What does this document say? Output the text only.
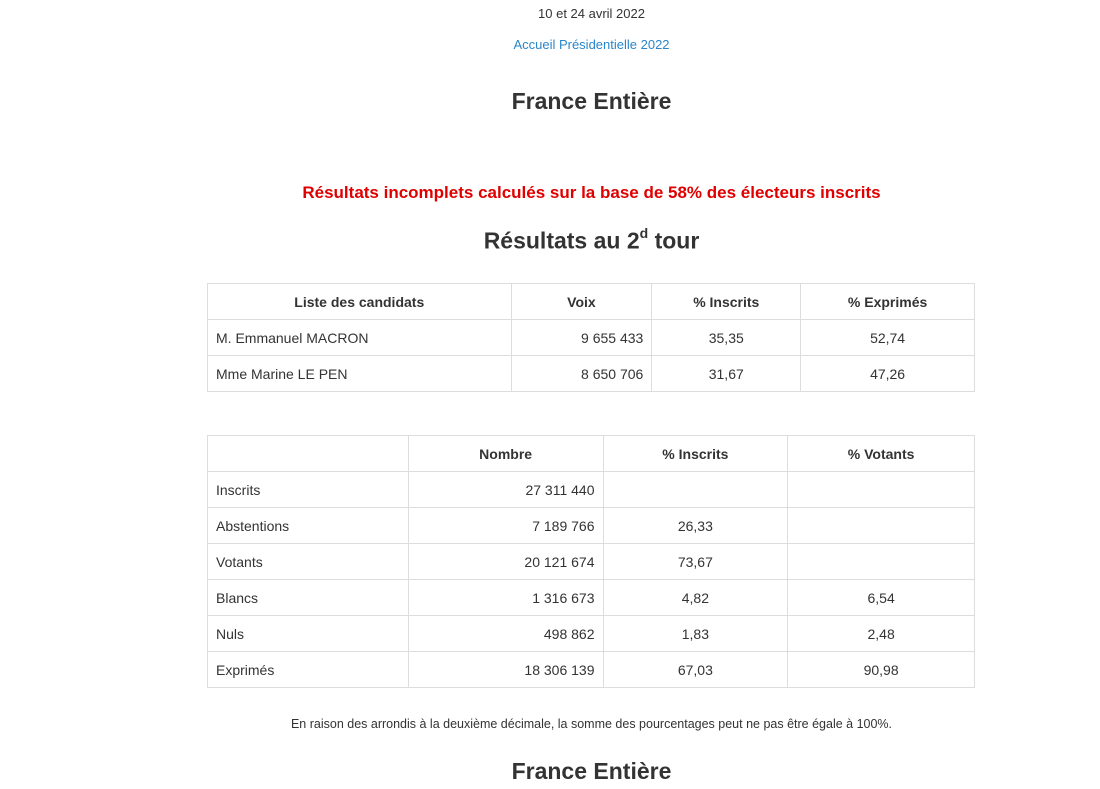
10 et 24 avril 2022
Accueil Présidentielle 2022
France Entière
Résultats incomplets calculés sur la base de 58% des électeurs inscrits
Résultats au 2$^d$ tour
Liste des candidats	Voix	% Inscrits	% Exprimés
M. Emmanuel MACRON	9 655 433	35,35	52,74
Mme Marine LE PEN	8 650 706	31,67	47,26
	Nombre	% Inscrits	% Votants
Inscrits	27 311 440		
Abstentions	7 189 766	26,33	
Votants	20 121 674	73,67	
Blancs	1 316 673	4,82	6,54
Nuls	498 862	1,83	2,48
Exprimés	18 306 139	67,03	90,98
En raison des arrondis à la deuxième décimale, la somme des pourcentages peut ne pas être égale à 100%.
France Entière
